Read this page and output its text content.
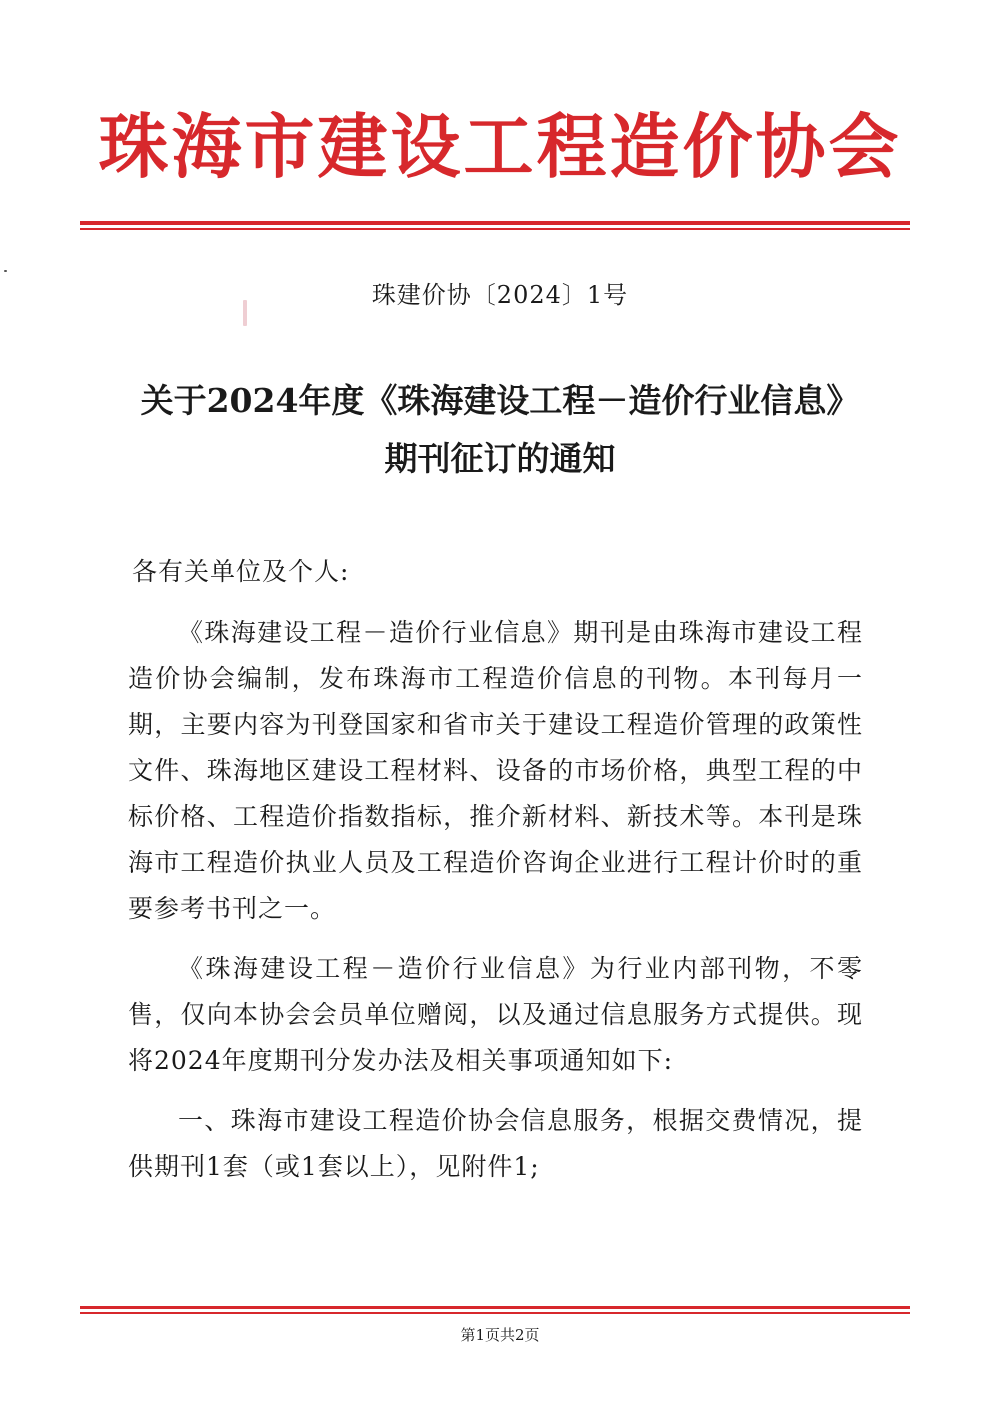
珠海市建设工程造价协会
珠建价协〔2024〕1号
关于2024年度《珠海建设工程－造价行业信息》
期刊征订的通知
各有关单位及个人:

《珠海建设工程－造价行业信息》期刊是由珠海市建设工程造价协会编制，发布珠海市工程造价信息的刊物。本刊每月一期，主要内容为刊登国家和省市关于建设工程造价管理的政策性文件、珠海地区建设工程材料、设备的市场价格，典型工程的中标价格、工程造价指数指标，推介新材料、新技术等。本刊是珠海市工程造价执业人员及工程造价咨询企业进行工程计价时的重要参考书刊之一。

《珠海建设工程－造价行业信息》为行业内部刊物，不零售，仅向本协会会员单位赠阅，以及通过信息服务方式提供。现将2024年度期刊分发办法及相关事项通知如下:

一、珠海市建设工程造价协会信息服务，根据交费情况，提供期刊1套（或1套以上），见附件1;

第1页共2页
